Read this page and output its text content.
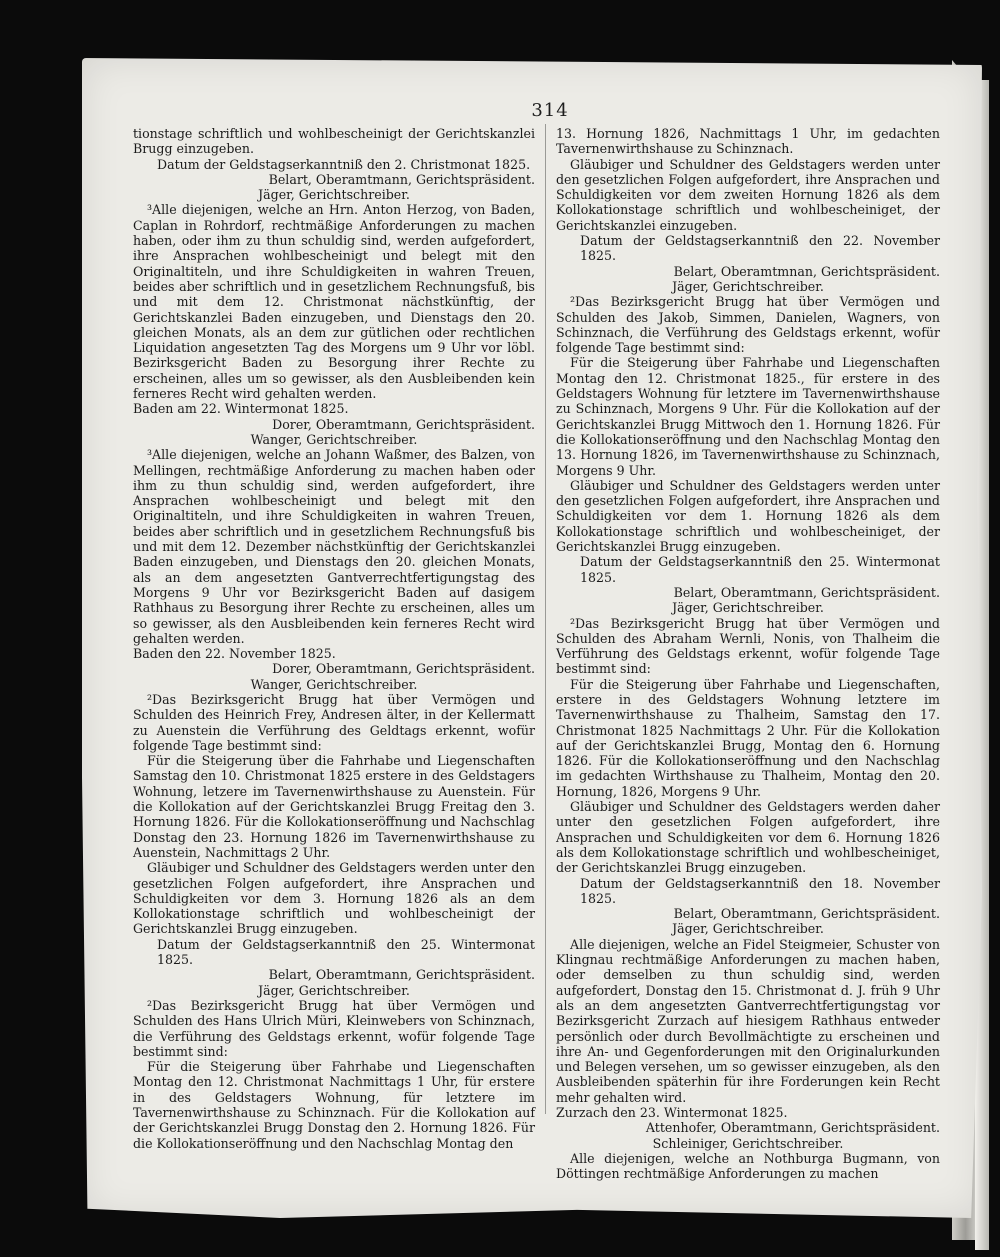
314

tionstage schriftlich und wohlbescheinigt der Gerichtskanzlei Brugg einzugeben.

Datum der Geldstagserkanntniß den 2. Christmonat 1825.

Belart, Oberamtmann, Gerichtspräsident.

Jäger, Gerichtschreiber.

³Alle diejenigen, welche an Hrn. Anton Herzog, von Baden, Caplan in Rohrdorf, rechtmäßige Anforderungen zu machen haben, oder ihm zu thun schuldig sind, werden aufgefordert, ihre Ansprachen wohlbescheinigt und belegt mit den Originaltiteln, und ihre Schuldigkeiten in wahren Treuen, beides aber schriftlich und in gesetzlichem Rechnungsfuß, bis und mit dem 12. Christmonat nächstkünftig, der Gerichtskanzlei Baden einzugeben, und Dienstags den 20. gleichen Monats, als an dem zur gütlichen oder rechtlichen Liquidation angesetzten Tag des Morgens um 9 Uhr vor löbl. Bezirksgericht Baden zu Besorgung ihrer Rechte zu erscheinen, alles um so gewisser, als den Ausbleibenden kein ferneres Recht wird gehalten werden.

Baden am 22. Wintermonat 1825.

Dorer, Oberamtmann, Gerichtspräsident.

Wanger, Gerichtschreiber.

³Alle diejenigen, welche an Johann Waßmer, des Balzen, von Mellingen, rechtmäßige Anforderung zu machen haben oder ihm zu thun schuldig sind, werden aufgefordert, ihre Ansprachen wohlbescheinigt und belegt mit den Originaltiteln, und ihre Schuldigkeiten in wahren Treuen, beides aber schriftlich und in gesetzlichem Rechnungsfuß bis und mit dem 12. Dezember nächstkünftig der Gerichtskanzlei Baden einzugeben, und Dienstags den 20. gleichen Monats, als an dem angesetzten Gantverrechtfertigungstag des Morgens 9 Uhr vor Bezirksgericht Baden auf dasigem Rathhaus zu Besorgung ihrer Rechte zu erscheinen, alles um so gewisser, als den Ausbleibenden kein ferneres Recht wird gehalten werden.

Baden den 22. November 1825.

Dorer, Oberamtmann, Gerichtspräsident.

Wanger, Gerichtschreiber.

²Das Bezirksgericht Brugg hat über Vermögen und Schulden des Heinrich Frey, Andresen älter, in der Kellermatt zu Auenstein die Verführung des Geldtags erkennt, wofür folgende Tage bestimmt sind:

Für die Steigerung über die Fahrhabe und Liegenschaften Samstag den 10. Christmonat 1825 erstere in des Geldstagers Wohnung, letzere im Tavernenwirthshause zu Auenstein. Für die Kollokation auf der Gerichtskanzlei Brugg Freitag den 3. Hornung 1826. Für die Kollokationseröffnung und Nachschlag Donstag den 23. Hornung 1826 im Tavernenwirthshause zu Auenstein, Nachmittags 2 Uhr.

Gläubiger und Schuldner des Geldstagers werden unter den gesetzlichen Folgen aufgefordert, ihre Ansprachen und Schuldigkeiten vor dem 3. Hornung 1826 als an dem Kollokationstage schriftlich und wohlbescheinigt der Gerichtskanzlei Brugg einzugeben.

Datum der Geldstagserkanntniß den 25. Wintermonat 1825.

Belart, Oberamtmann, Gerichtspräsident.

Jäger, Gerichtschreiber.

²Das Bezirksgericht Brugg hat über Vermögen und Schulden des Hans Ulrich Müri, Kleinwebers von Schinznach, die Verführung des Geldstags erkennt, wofür folgende Tage bestimmt sind:

Für die Steigerung über Fahrhabe und Liegenschaften Montag den 12. Christmonat Nachmittags 1 Uhr, für erstere in des Geldstagers Wohnung, für letztere im Tavernenwirthshause zu Schinznach. Für die Kollokation auf der Gerichtskanzlei Brugg Donstag den 2. Hornung 1826. Für die Kollokationseröffnung und den Nachschlag Montag den

13. Hornung 1826, Nachmittags 1 Uhr, im gedachten Tavernenwirthshause zu Schinznach.

Gläubiger und Schuldner des Geldstagers werden unter den gesetzlichen Folgen aufgefordert, ihre Ansprachen und Schuldigkeiten vor dem zweiten Hornung 1826 als dem Kollokationstage schriftlich und wohlbescheiniget, der Gerichtskanzlei einzugeben.

Datum der Geldstagserkanntniß den 22. November 1825.

Belart, Oberamtmnan, Gerichtspräsident.

Jäger, Gerichtschreiber.

²Das Bezirksgericht Brugg hat über Vermögen und Schulden des Jakob, Simmen, Danielen, Wagners, von Schinznach, die Verführung des Geldstags erkennt, wofür folgende Tage bestimmt sind:

Für die Steigerung über Fahrhabe und Liegenschaften Montag den 12. Christmonat 1825., für erstere in des Geldstagers Wohnung für letztere im Tavernenwirthshause zu Schinznach, Morgens 9 Uhr. Für die Kollokation auf der Gerichtskanzlei Brugg Mittwoch den 1. Hornung 1826. Für die Kollokationseröffnung und den Nachschlag Montag den 13. Hornung 1826, im Tavernenwirthshause zu Schinznach, Morgens 9 Uhr.

Gläubiger und Schuldner des Geldstagers werden unter den gesetzlichen Folgen aufgefordert, ihre Ansprachen und Schuldigkeiten vor dem 1. Hornung 1826 als dem Kollokationstage schriftlich und wohlbescheiniget, der Gerichtskanzlei Brugg einzugeben.

Datum der Geldstagserkanntniß den 25. Wintermonat 1825.

Belart, Oberamtmann, Gerichtspräsident.

Jäger, Gerichtschreiber.

²Das Bezirksgericht Brugg hat über Vermögen und Schulden des Abraham Wernli, Nonis, von Thalheim die Verführung des Geldstags erkennt, wofür folgende Tage bestimmt sind:

Für die Steigerung über Fahrhabe und Liegenschaften, erstere in des Geldstagers Wohnung letztere im Tavernenwirthshause zu Thalheim, Samstag den 17. Christmonat 1825 Nachmittags 2 Uhr. Für die Kollokation auf der Gerichtskanzlei Brugg, Montag den 6. Hornung 1826. Für die Kollokationseröffnung und den Nachschlag im gedachten Wirthshause zu Thalheim, Montag den 20. Hornung, 1826, Morgens 9 Uhr.

Gläubiger und Schuldner des Geldstagers werden daher unter den gesetzlichen Folgen aufgefordert, ihre Ansprachen und Schuldigkeiten vor dem 6. Hornung 1826 als dem Kollokationstage schriftlich und wohlbescheiniget, der Gerichtskanzlei Brugg einzugeben.

Datum der Geldstagserkanntniß den 18. November 1825.

Belart, Oberamtmann, Gerichtspräsident.

Jäger, Gerichtschreiber.

Alle diejenigen, welche an Fidel Steigmeier, Schuster von Klingnau rechtmäßige Anforderungen zu machen haben, oder demselben zu thun schuldig sind, werden aufgefordert, Donstag den 15. Christmonat d. J. früh 9 Uhr als an dem angesetzten Gantverrechtfertigungstag vor Bezirksgericht Zurzach auf hiesigem Rathhaus entweder persönlich oder durch Bevollmächtigte zu erscheinen und ihre An- und Gegenforderungen mit den Originalurkunden und Belegen versehen, um so gewisser einzugeben, als den Ausbleibenden späterhin für ihre Forderungen kein Recht mehr gehalten wird.

Zurzach den 23. Wintermonat 1825.

Attenhofer, Oberamtmann, Gerichtspräsident.

Schleiniger, Gerichtschreiber.

Alle diejenigen, welche an Nothburga Bugmann, von Döttingen rechtmäßige Anforderungen zu machen
